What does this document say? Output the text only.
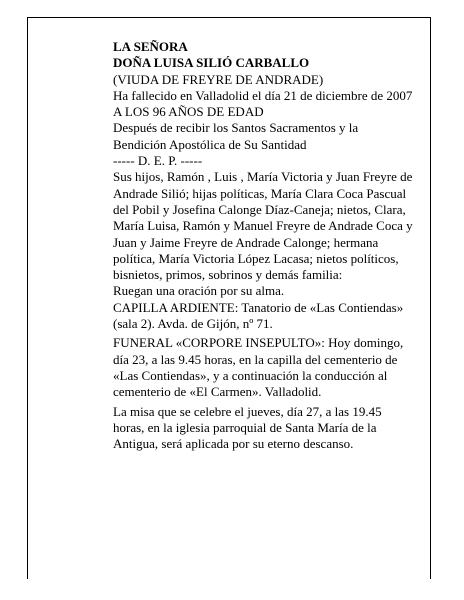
LA SEÑORA

DOÑA LUISA SILIÓ CARBALLO

(VIUDA DE FREYRE DE ANDRADE)

Ha fallecido en Valladolid el día 21 de diciembre de 2007

A LOS 96 AÑOS DE EDAD

Después de recibir los Santos Sacramentos y la Bendición Apostólica de Su Santidad

----- D. E. P. -----

Sus hijos, Ramón , Luis , María Victoria y Juan Freyre de Andrade Silió; hijas políticas, María Clara Coca Pascual del Pobil y Josefina Calonge Díaz-Caneja; nietos, Clara, María Luisa, Ramón y Manuel Freyre de Andrade Coca y Juan y Jaime Freyre de Andrade Calonge; hermana política, María Victoria López Lacasa; nietos políticos, bisnietos, primos, sobrinos y demás familia:

Ruegan una oración por su alma.

CAPILLA ARDIENTE: Tanatorio de «Las Contiendas» (sala 2). Avda. de Gijón, nº 71.

FUNERAL «CORPORE INSEPULTO»: Hoy domingo, día 23, a las 9.45 horas, en la capilla del cementerio de «Las Contiendas», y a continuación la conducción al cementerio de «El Carmen». Valladolid.

La misa que se celebre el jueves, día 27, a las 19.45 horas, en la iglesia parroquial de Santa María de la Antigua, será aplicada por su eterno descanso.
